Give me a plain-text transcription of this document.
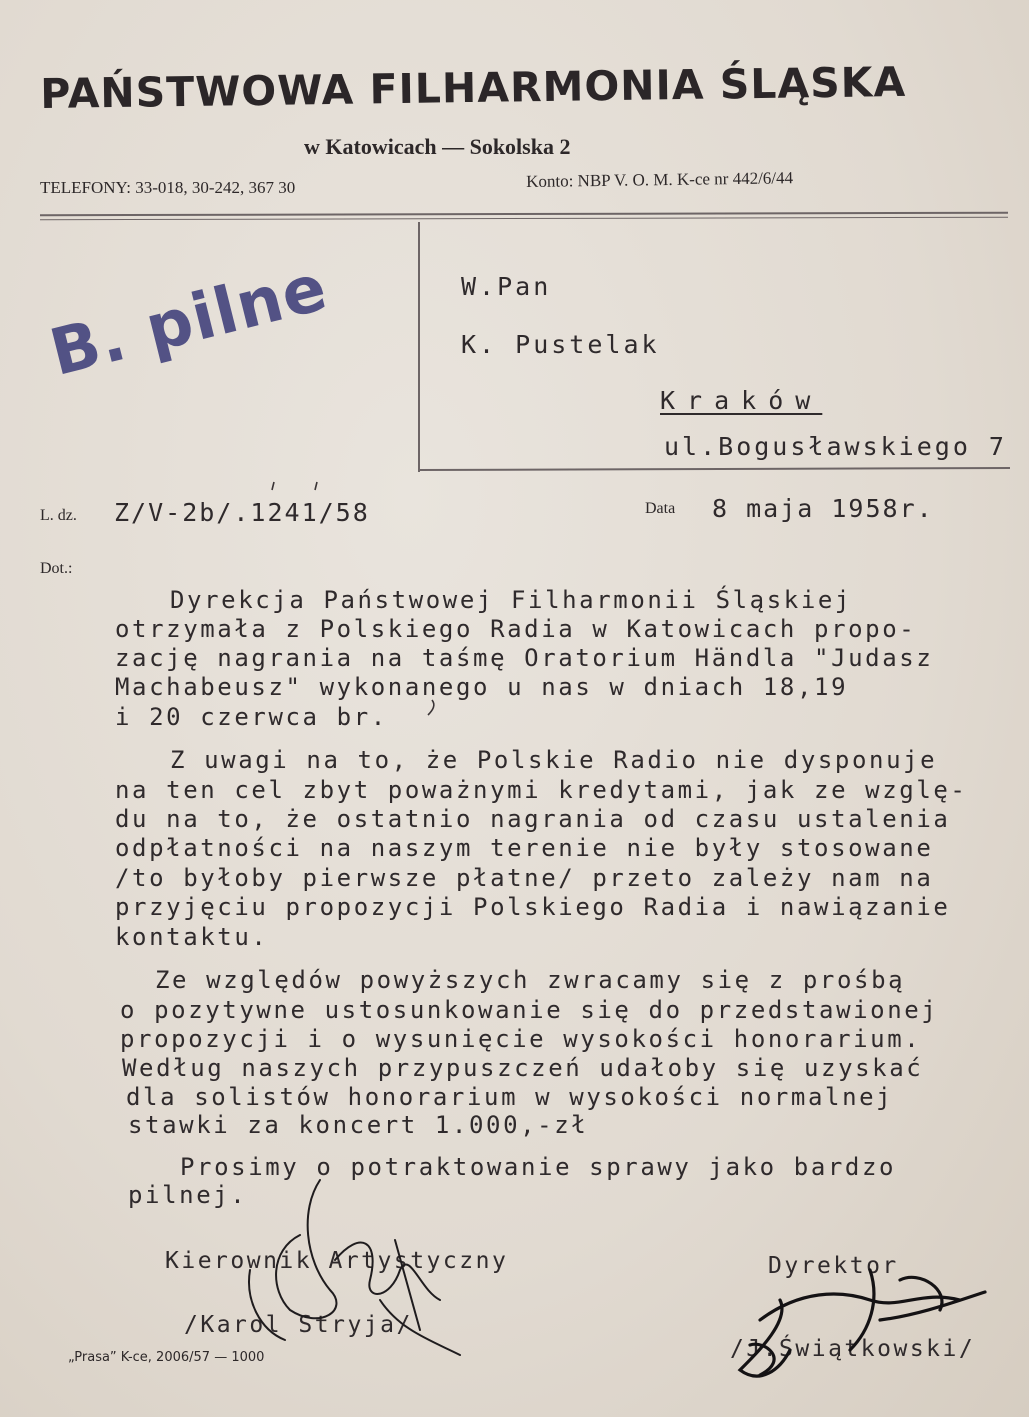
PAŃSTWOWA FILHARMONIA ŚLĄSKA
w Katowicach — Sokolska 2
TELEFONY: 33-018, 30-242, 367 30	Konto: NBP V. O. M. K-ce nr 442/6/44
B. pilne	W.Pan
K. Pustelak
Kraków
ul.Bogusławskiego 7
L. dz. Z/V-2b/.1241/58	Data 8 maja 1958r.
Dot.:
Dyrekcja Państwowej Filharmonii Śląskiej
otrzymała z Polskiego Radia w Katowicach propo-
zację nagrania na taśmę Oratorium Händla "Judasz
Machabeusz" wykonanego u nas w dniach 18,19
i 20 czerwca br.
Z uwagi na to, że Polskie Radio nie dysponuje
na ten cel zbyt poważnymi kredytami, jak ze wzglę-
du na to, że ostatnio nagrania od czasu ustalenia
odpłatności na naszym terenie nie były stosowane
/to byłoby pierwsze płatne/ przeto zależy nam na
przyjęciu propozycji Polskiego Radia i nawiązanie
kontaktu.
Ze względów powyższych zwracamy się z prośbą
o pozytywne ustosunkowanie się do przedstawionej
propozycji i o wysunięcie wysokości honorarium.
Według naszych przypuszczeń udałoby się uzyskać
dla solistów honorarium w wysokości normalnej
stawki za koncert 1.000,-zł
Prosimy o potraktowanie sprawy jako bardzo
pilnej.
Kierownik Artystyczny
/Karol Stryja/
Dyrektor
/J.Świątkowski/
„Prasa” K-ce, 2006/57 — 1000
